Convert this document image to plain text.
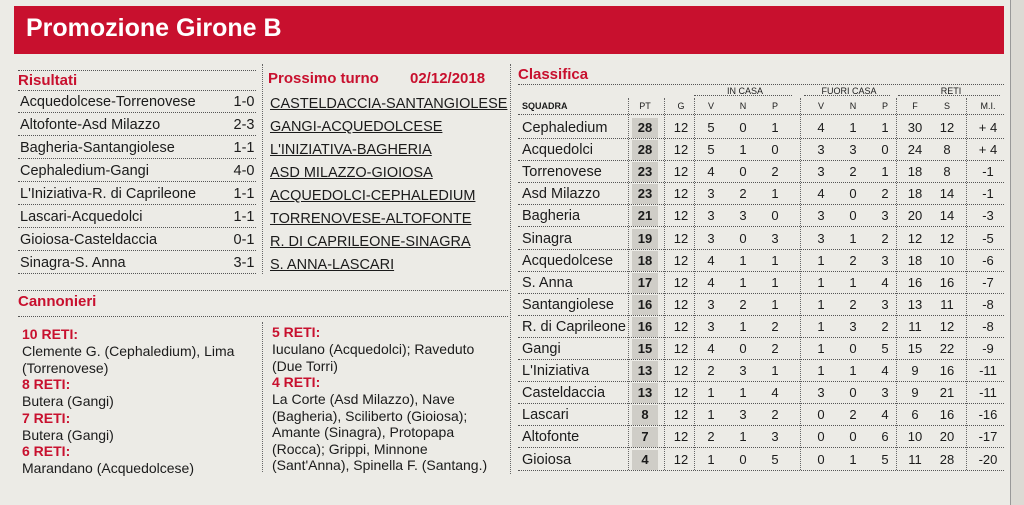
Promozione Girone B
Risultati
Acquedolcese-Torrenovese	1-0
Altofonte-Asd Milazzo	2-3
Bagheria-Santangiolese	1-1
Cephaledium-Gangi	4-0
L'Iniziativa-R. di Caprileone	1-1
Lascari-Acquedolci	1-1
Gioiosa-Casteldaccia	0-1
Sinagra-S. Anna	3-1
Prossimo turno 02/12/2018
CASTELDACCIA-SANTANGIOLESE
GANGI-ACQUEDOLCESE
L'INIZIATIVA-BAGHERIA
ASD MILAZZO-GIOIOSA
ACQUEDOLCI-CEPHALEDIUM
TORRENOVESE-ALTOFONTE
R. DI CAPRILEONE-SINAGRA
S. ANNA-LASCARI
Cannonieri
10 RETI:
Clemente G. (Cephaledium), Lima
(Torrenovese)
8 RETI:
Butera (Gangi)
7 RETI:
Butera (Gangi)
6 RETI:
Marandano (Acquedolcese)
5 RETI:
Iuculano (Acquedolci); Raveduto
(Due Torri)
4 RETI:
La Corte (Asd Milazzo), Nave
(Bagheria), Sciliberto (Gioiosa);
Amante (Sinagra), Protopapa
(Rocca); Grippi, Minnone
(Sant'Anna), Spinella F. (Santang.)
Classifica
IN CASA	FUORI CASA	RETI
SQUADRA	PT	G	V	N	P	V	N	P	F	S	M.I.
Cephaledium	28	12	5	0	1	4	1	1	30	12	+ 4
Acquedolci	28	12	5	1	0	3	3	0	24	8	+ 4
Torrenovese	23	12	4	0	2	3	2	1	18	8	-1
Asd Milazzo	23	12	3	2	1	4	0	2	18	14	-1
Bagheria	21	12	3	3	0	3	0	3	20	14	-3
Sinagra	19	12	3	0	3	3	1	2	12	12	-5
Acquedolcese	18	12	4	1	1	1	2	3	18	10	-6
S. Anna	17	12	4	1	1	1	1	4	16	16	-7
Santangiolese	16	12	3	2	1	1	2	3	13	11	-8
R. di Caprileone 16	12	3	1	2	1	3	2	11	12	-8
Gangi	15	12	4	0	2	1	0	5	15	22	-9
L'Iniziativa	13	12	2	3	1	1	1	4	9	16	-11
Casteldaccia	13	12	1	1	4	3	0	3	9	21	-11
Lascari	8	12	1	3	2	0	2	4	6	16	-16
Altofonte	7	12	2	1	3	0	0	6	10	20	-17
Gioiosa	4	12	1	0	5	0	1	5	11	28	-20
